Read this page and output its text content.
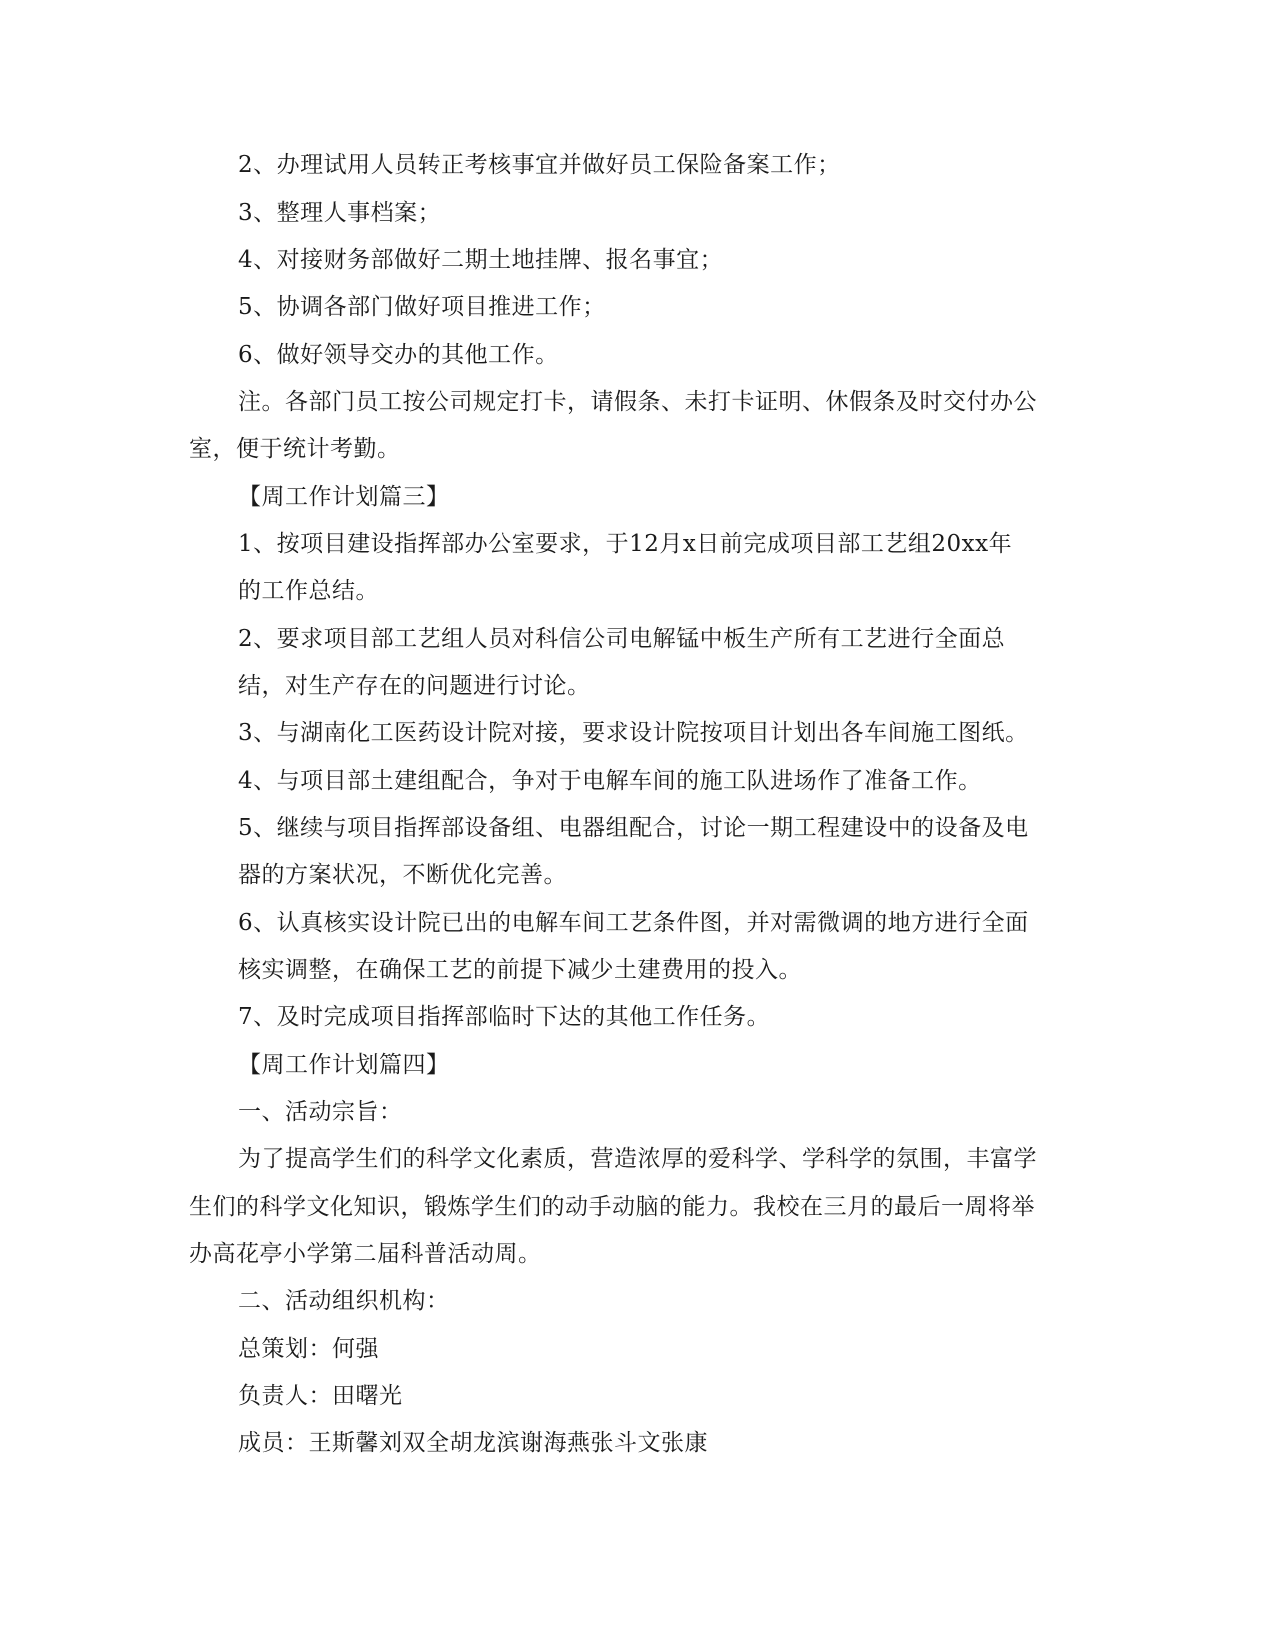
2、办理试用人员转正考核事宜并做好员工保险备案工作；
3、整理人事档案；
4、对接财务部做好二期土地挂牌、报名事宜；
5、协调各部门做好项目推进工作；
6、做好领导交办的其他工作。
注。各部门员工按公司规定打卡，请假条、未打卡证明、休假条及时交付办公
室，便于统计考勤。
【周工作计划篇三】
1、按项目建设指挥部办公室要求，于12月x日前完成项目部工艺组20xx年
的工作总结。
2、要求项目部工艺组人员对科信公司电解锰中板生产所有工艺进行全面总
结，对生产存在的问题进行讨论。
3、与湖南化工医药设计院对接，要求设计院按项目计划出各车间施工图纸。
4、与项目部土建组配合，争对于电解车间的施工队进场作了准备工作。
5、继续与项目指挥部设备组、电器组配合，讨论一期工程建设中的设备及电
器的方案状况，不断优化完善。
6、认真核实设计院已出的电解车间工艺条件图，并对需微调的地方进行全面
核实调整，在确保工艺的前提下减少土建费用的投入。
7、及时完成项目指挥部临时下达的其他工作任务。
【周工作计划篇四】
一、活动宗旨：
为了提高学生们的科学文化素质，营造浓厚的爱科学、学科学的氛围，丰富学
生们的科学文化知识，锻炼学生们的动手动脑的能力。我校在三月的最后一周将举
办高花亭小学第二届科普活动周。
二、活动组织机构：
总策划：何强
负责人：田曙光
成员：王斯馨刘双全胡龙滨谢海燕张斗文张康
